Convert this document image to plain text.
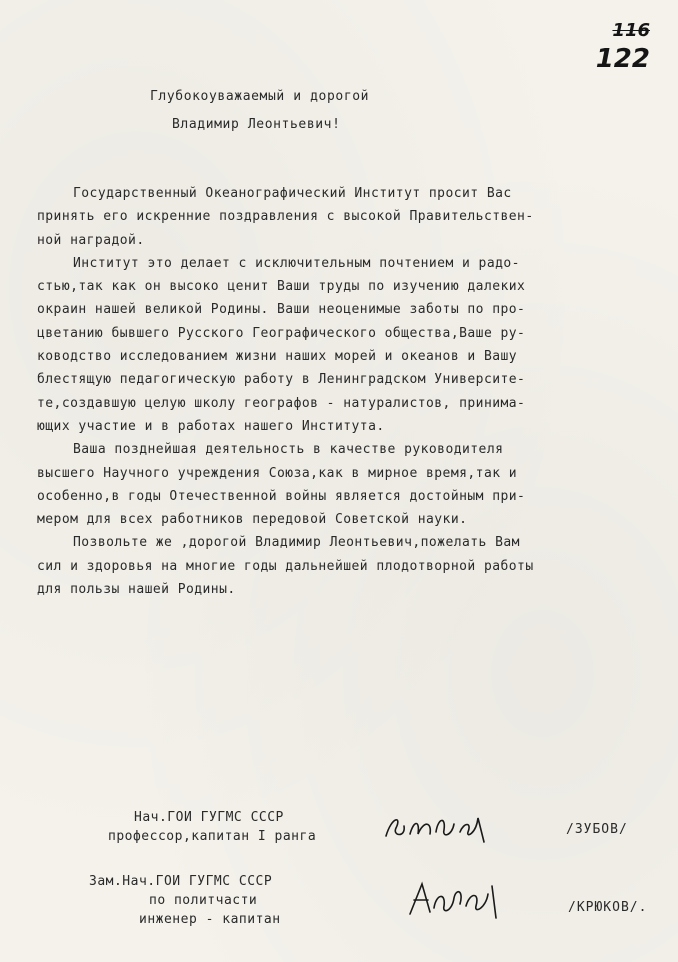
116
122
Глубокоуважаемый и дорогой
Владимир Леонтьевич!
Государственный Океанографический Институт просит Вас
принять его искренние поздравления с высокой Правительствен-
ной наградой.
Институт это делает с исключительным почтением и радо-
стью,так как он высоко ценит Ваши труды по изучению далеких
окраин нашей великой Родины. Ваши неоценимые заботы по про-
цветанию бывшего Русского Географического общества,Ваше ру-
ководство исследованием жизни наших морей и океанов и Вашу
блестящую педагогическую работу в Ленинградском Университе-
те,создавшую целую школу географов - натуралистов, принима-
ющих участие и в работах нашего Института.
Ваша позднейшая деятельность в качестве руководителя
высшего Научного учреждения Союза,как в мирное время,так и
особенно,в годы Отечественной войны является достойным при-
мером для всех работников передовой Советской науки.
Позвольте же ,дорогой Владимир Леонтьевич,пожелать Вам
сил и здоровья на многие годы дальнейшей плодотворной работы
для пользы нашей Родины.
Нач.ГОИ ГУГМС СССР
профессор,капитан I ранга	/ЗУБОВ/
Зам.Нач.ГОИ ГУГМС СССР
по политчасти
инженер - капитан
/КРЮКОВ/.
